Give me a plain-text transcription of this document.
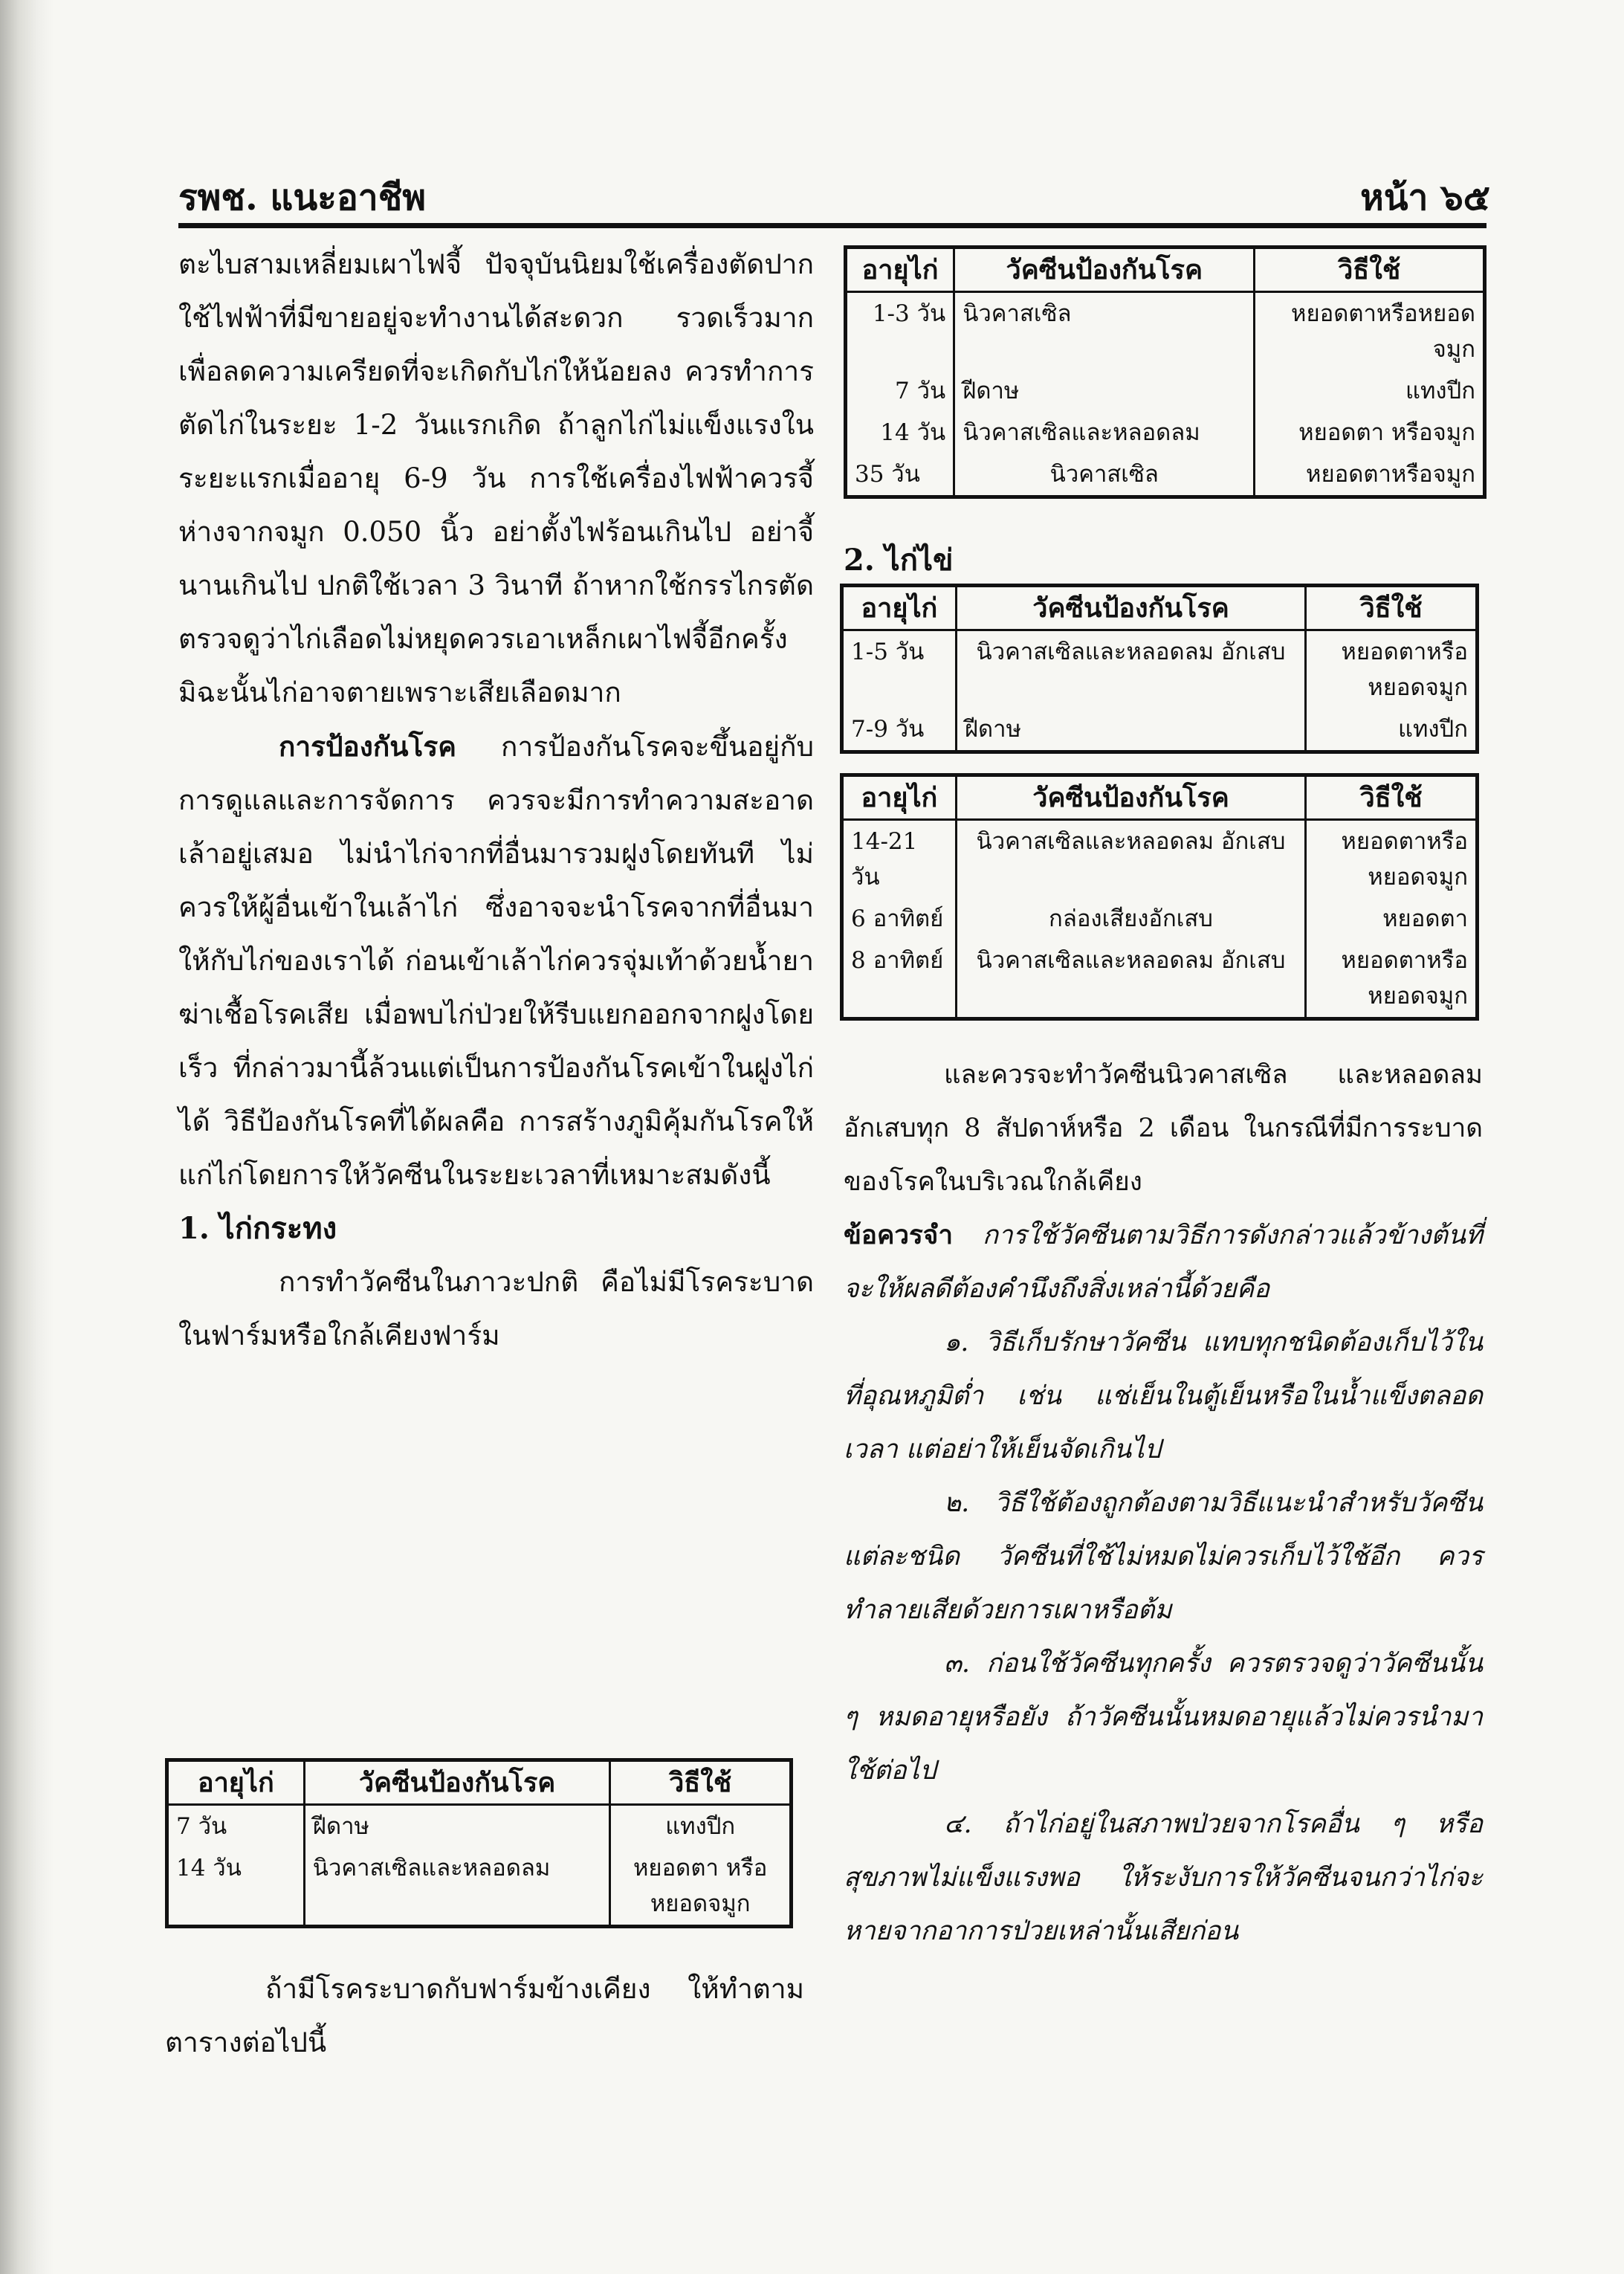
รพช. แนะอาชีพ	หน้า ๖๕

ตะไบสามเหลี่ยมเผาไฟจี้ ปัจจุบันนิยมใช้เครื่องตัดปากใช้ไฟฟ้าที่มีขายอยู่จะทำงานได้สะดวก รวดเร็วมาก เพื่อลดความเครียดที่จะเกิดกับไก่ให้น้อยลง ควรทำการตัดไก่ในระยะ 1-2 วันแรกเกิด ถ้าลูกไก่ไม่แข็งแรงในระยะแรกเมื่ออายุ 6-9 วัน การใช้เครื่องไฟฟ้าควรจี้ห่างจากจมูก 0.050 นิ้ว อย่าตั้งไฟร้อนเกินไป อย่าจี้นานเกินไป ปกติใช้เวลา 3 วินาที ถ้าหากใช้กรรไกรตัดตรวจดูว่าไก่เลือดไม่หยุดควรเอาเหล็กเผาไฟจี้อีกครั้ง มิฉะนั้นไก่อาจตายเพราะเสียเลือดมาก

การป้องกันโรค การป้องกันโรคจะขึ้นอยู่กับการดูแลและการจัดการ ควรจะมีการทำความสะอาดเล้าอยู่เสมอ ไม่นำไก่จากที่อื่นมารวมฝูงโดยทันที ไม่ควรให้ผู้อื่นเข้าในเล้าไก่ ซึ่งอาจจะนำโรคจากที่อื่นมาให้กับไก่ของเราได้ ก่อนเข้าเล้าไก่ควรจุ่มเท้าด้วยน้ำยาฆ่าเชื้อโรคเสีย เมื่อพบไก่ป่วยให้รีบแยกออกจากฝูงโดยเร็ว ที่กล่าวมานี้ล้วนแต่เป็นการป้องกันโรคเข้าในฝูงไก่ได้ วิธีป้องกันโรคที่ได้ผลคือ การสร้างภูมิคุ้มกันโรคให้แก่ไก่โดยการให้วัคซีนในระยะเวลาที่เหมาะสมดังนี้

1. ไก่กระทง

การทำวัคซีนในภาวะปกติ คือไม่มีโรคระบาดในฟาร์มหรือใกล้เคียงฟาร์ม

อายุไก่	วัคซีนป้องกันโรค	วิธีใช้
7 วัน	ฝีดาษ	แทงปีก
14 วัน	นิวคาสเซิลและหลอดลม	หยอดตา หรือหยอดจมูก

ถ้ามีโรคระบาดกับฟาร์มข้างเคียง ให้ทำตามตารางต่อไปนี้

อายุไก่	วัคซีนป้องกันโรค	วิธีใช้
1-3 วัน	นิวคาสเซิล	หยอดตาหรือหยอดจมูก
7 วัน	ฝีดาษ	แทงปีก
14 วัน	นิวคาสเซิลและหลอดลม	หยอดตา หรือจมูก
35 วัน	นิวคาสเซิล	หยอดตาหรือจมูก

2. ไก่ไข่

อายุไก่	วัคซีนป้องกันโรค	วิธีใช้
1-5 วัน	นิวคาสเซิลและหลอดลม อักเสบ	หยอดตาหรือ หยอดจมูก
7-9 วัน	ฝีดาษ	แทงปีก
อายุไก่	วัคซีนป้องกันโรค	วิธีใช้
14-21 วัน	นิวคาสเซิลและหลอดลม อักเสบ	หยอดตาหรือ หยอดจมูก
6 อาทิตย์	กล่องเสียงอักเสบ	หยอดตา
8 อาทิตย์	นิวคาสเซิลและหลอดลม อักเสบ	หยอดตาหรือ หยอดจมูก

และควรจะทำวัคซีนนิวคาสเซิล และหลอดลมอักเสบทุก 8 สัปดาห์หรือ 2 เดือน ในกรณีที่มีการระบาดของโรคในบริเวณใกล้เคียง

ข้อควรจำ การใช้วัคซีนตามวิธีการดังกล่าวแล้วข้างต้นที่จะให้ผลดีต้องคำนึงถึงสิ่งเหล่านี้ด้วยคือ

๑. วิธีเก็บรักษาวัคซีน แทบทุกชนิดต้องเก็บไว้ในที่อุณหภูมิต่ำ เช่น แช่เย็นในตู้เย็นหรือในน้ำแข็งตลอดเวลา แต่อย่าให้เย็นจัดเกินไป

๒. วิธีใช้ต้องถูกต้องตามวิธีแนะนำสำหรับวัคซีนแต่ละชนิด วัคซีนที่ใช้ไม่หมดไม่ควรเก็บไว้ใช้อีก ควรทำลายเสียด้วยการเผาหรือต้ม

๓. ก่อนใช้วัคซีนทุกครั้ง ควรตรวจดูว่าวัคซีนนั้น ๆ หมดอายุหรือยัง ถ้าวัคซีนนั้นหมดอายุแล้วไม่ควรนำมาใช้ต่อไป

๔. ถ้าไก่อยู่ในสภาพป่วยจากโรคอื่น ๆ หรือสุขภาพไม่แข็งแรงพอ ให้ระงับการให้วัคซีนจนกว่าไก่จะหายจากอาการป่วยเหล่านั้นเสียก่อน
